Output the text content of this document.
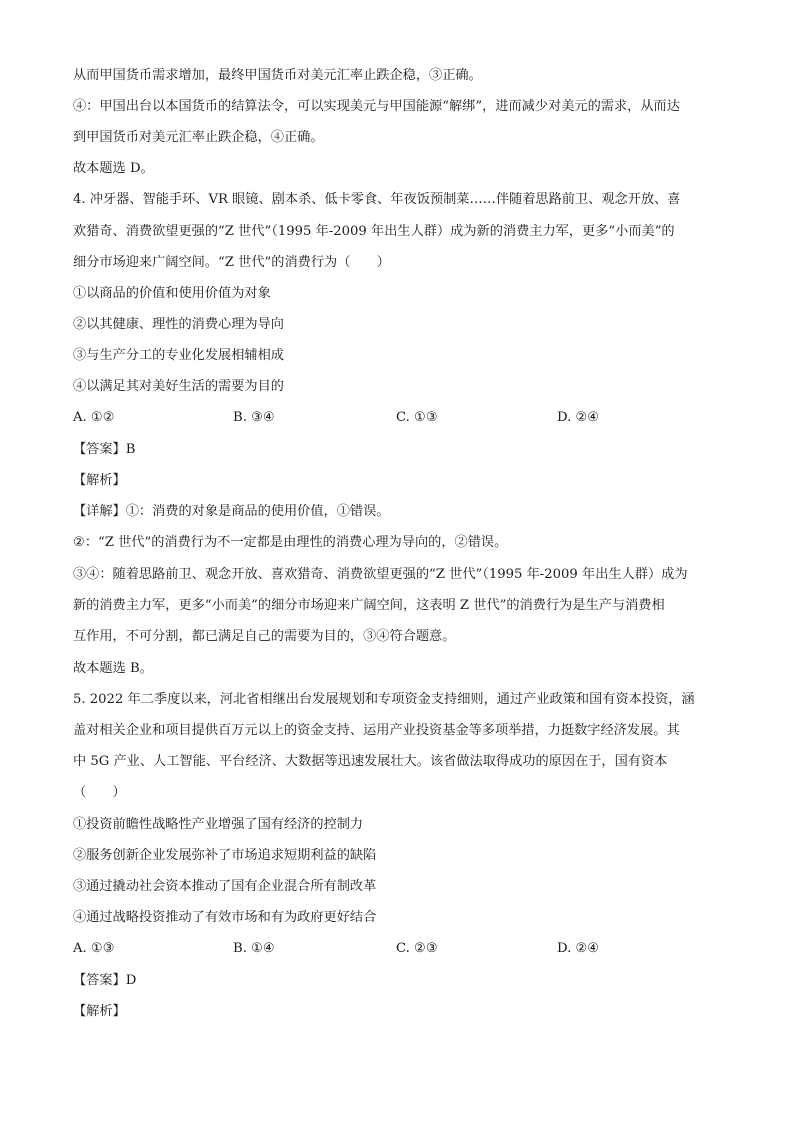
从而甲国货币需求增加，最终甲国货币对美元汇率止跌企稳，③正确。
④：甲国出台以本国货币的结算法令，可以实现美元与甲国能源“解绑”，进而减少对美元的需求，从而达
到甲国货币对美元汇率止跌企稳，④正确。
故本题选 D。
4. 冲牙器、智能手环、VR 眼镜、剧本杀、低卡零食、年夜饭预制菜……伴随着思路前卫、观念开放、喜
欢猎奇、消费欲望更强的“Z 世代”（1995 年-2009 年出生人群）成为新的消费主力军，更多“小而美”的
细分市场迎来广阔空间。“Z 世代”的消费行为（　　）
①以商品的价值和使用价值为对象
②以其健康、理性的消费心理为导向
③与生产分工的专业化发展相辅相成
④以满足其对美好生活的需要为目的
A. ①②	B. ③④	C. ①③	D. ②④
【答案】B
【解析】
【详解】①：消费的对象是商品的使用价值，①错误。
②：“Z 世代”的消费行为不一定都是由理性的消费心理为导向的，②错误。
③④：随着思路前卫、观念开放、喜欢猎奇、消费欲望更强的“Z 世代”（1995 年-2009 年出生人群）成为
新的消费主力军，更多“小而美”的细分市场迎来广阔空间，这表明 Z 世代”的消费行为是生产与消费相
互作用，不可分割，都已满足自己的需要为目的，③④符合题意。
故本题选 B。
5. 2022 年二季度以来，河北省相继出台发展规划和专项资金支持细则，通过产业政策和国有资本投资，涵
盖对相关企业和项目提供百万元以上的资金支持、运用产业投资基金等多项举措，力挺数字经济发展。其
中 5G 产业、人工智能、平台经济、大数据等迅速发展壮大。该省做法取得成功的原因在于，国有资本
（　　）
①投资前瞻性战略性产业增强了国有经济的控制力
②服务创新企业发展弥补了市场追求短期利益的缺陷
③通过撬动社会资本推动了国有企业混合所有制改革
④通过战略投资推动了有效市场和有为政府更好结合
A. ①③	B. ①④	C. ②③	D. ②④
【答案】D
【解析】
